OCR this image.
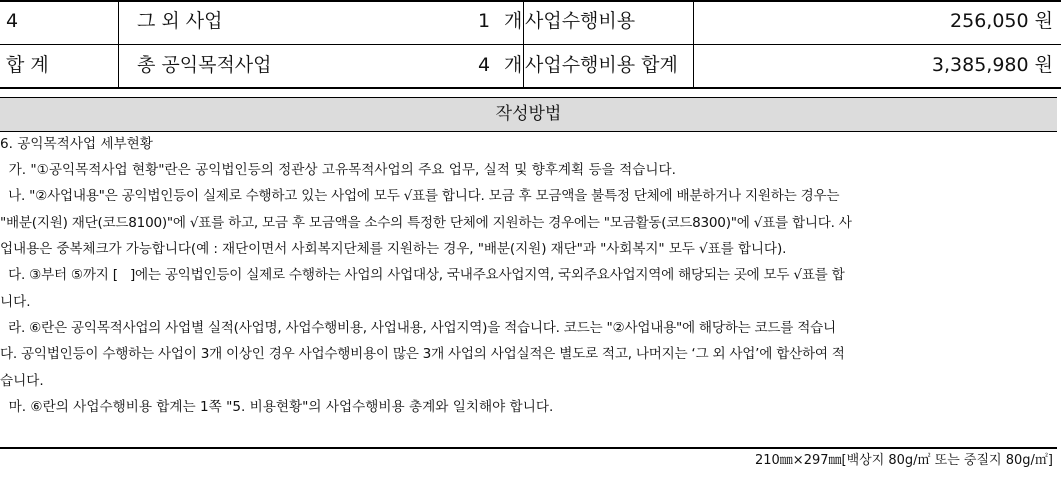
4	그 외 사업	1 개 사업수행비용	256,050 원
합 계	총 공익목적사업	4 개 사업수행비용 합계	3,385,980 원
작성방법
6. 공익목적사업 세부현황
가. "①공익목적사업 현황"란은 공익법인등의 정관상 고유목적사업의 주요 업무, 실적 및 향후계획 등을 적습니다.
나. "②사업내용"은 공익법인등이 실제로 수행하고 있는 사업에 모두 √표를 합니다. 모금 후 모금액을 불특정 단체에 배분하거나 지원하는 경우는
"배분(지원) 재단(코드8100)"에 √표를 하고, 모금 후 모금액을 소수의 특정한 단체에 지원하는 경우에는 "모금활동(코드8300)"에 √표를 합니다. 사
업내용은 중복체크가 가능합니다(예 : 재단이면서 사회복지단체를 지원하는 경우, "배분(지원) 재단"과 "사회복지" 모두 √표를 합니다).
다. ③부터 ⑤까지 [   ]에는 공익법인등이 실제로 수행하는 사업의 사업대상, 국내주요사업지역, 국외주요사업지역에 해당되는 곳에 모두 √표를 합
니다.
라. ⑥란은 공익목적사업의 사업별 실적(사업명, 사업수행비용, 사업내용, 사업지역)을 적습니다. 코드는 "②사업내용"에 해당하는 코드를 적습니
다. 공익법인등이 수행하는 사업이 3개 이상인 경우 사업수행비용이 많은 3개 사업의 사업실적은 별도로 적고, 나머지는 ‘그 외 사업’에 합산하여 적
습니다.
마. ⑥란의 사업수행비용 합계는 1쪽 "5. 비용현황"의 사업수행비용 총계와 일치해야 합니다.
210㎜×297㎜[백상지 80g/㎡ 또는 중질지 80g/㎡]
